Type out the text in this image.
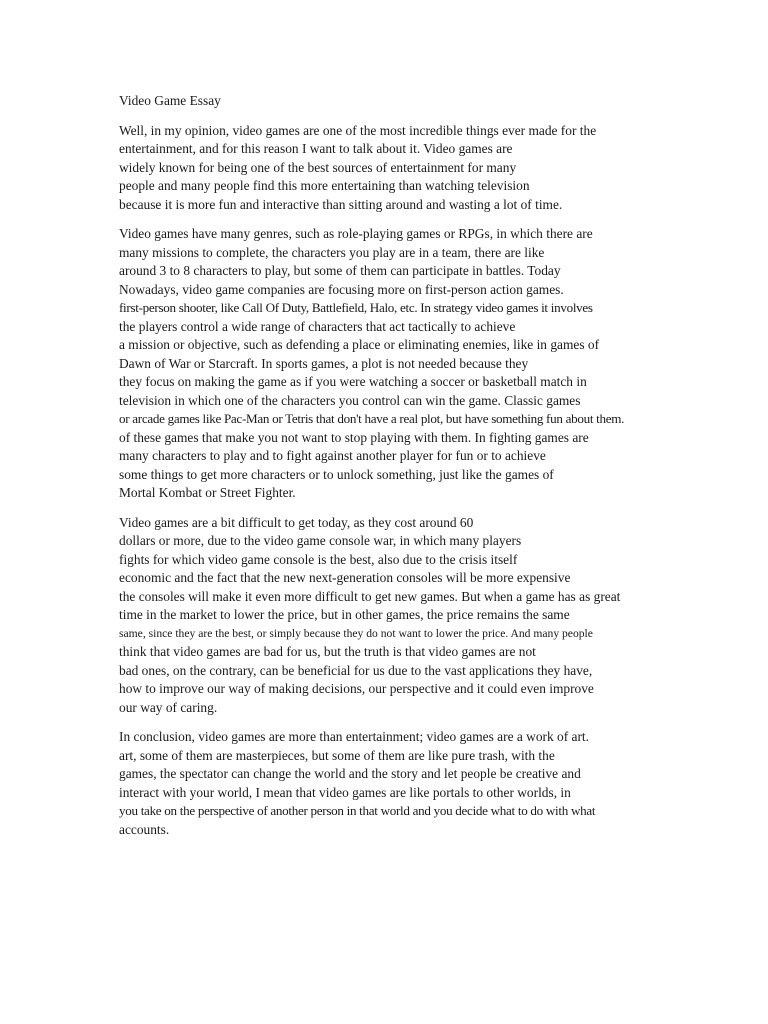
Video Game Essay
Well, in my opinion, video games are one of the most incredible things ever made for the
entertainment, and for this reason I want to talk about it. Video games are
widely known for being one of the best sources of entertainment for many
people and many people find this more entertaining than watching television
because it is more fun and interactive than sitting around and wasting a lot of time.
Video games have many genres, such as role-playing games or RPGs, in which there are
many missions to complete, the characters you play are in a team, there are like
around 3 to 8 characters to play, but some of them can participate in battles. Today
Nowadays, video game companies are focusing more on first-person action games.
first-person shooter, like Call Of Duty, Battlefield, Halo, etc. In strategy video games it involves
the players control a wide range of characters that act tactically to achieve
a mission or objective, such as defending a place or eliminating enemies, like in games of
Dawn of War or Starcraft. In sports games, a plot is not needed because they
they focus on making the game as if you were watching a soccer or basketball match in
television in which one of the characters you control can win the game. Classic games
or arcade games like Pac-Man or Tetris that don't have a real plot, but have something fun about them.
of these games that make you not want to stop playing with them. In fighting games are
many characters to play and to fight against another player for fun or to achieve
some things to get more characters or to unlock something, just like the games of
Mortal Kombat or Street Fighter.
Video games are a bit difficult to get today, as they cost around 60
dollars or more, due to the video game console war, in which many players
fights for which video game console is the best, also due to the crisis itself
economic and the fact that the new next-generation consoles will be more expensive
the consoles will make it even more difficult to get new games. But when a game has as great
time in the market to lower the price, but in other games, the price remains the same
same, since they are the best, or simply because they do not want to lower the price. And many people
think that video games are bad for us, but the truth is that video games are not
bad ones, on the contrary, can be beneficial for us due to the vast applications they have,
how to improve our way of making decisions, our perspective and it could even improve
our way of caring.
In conclusion, video games are more than entertainment; video games are a work of art.
art, some of them are masterpieces, but some of them are like pure trash, with the
games, the spectator can change the world and the story and let people be creative and
interact with your world, I mean that video games are like portals to other worlds, in
you take on the perspective of another person in that world and you decide what to do with what
accounts.
